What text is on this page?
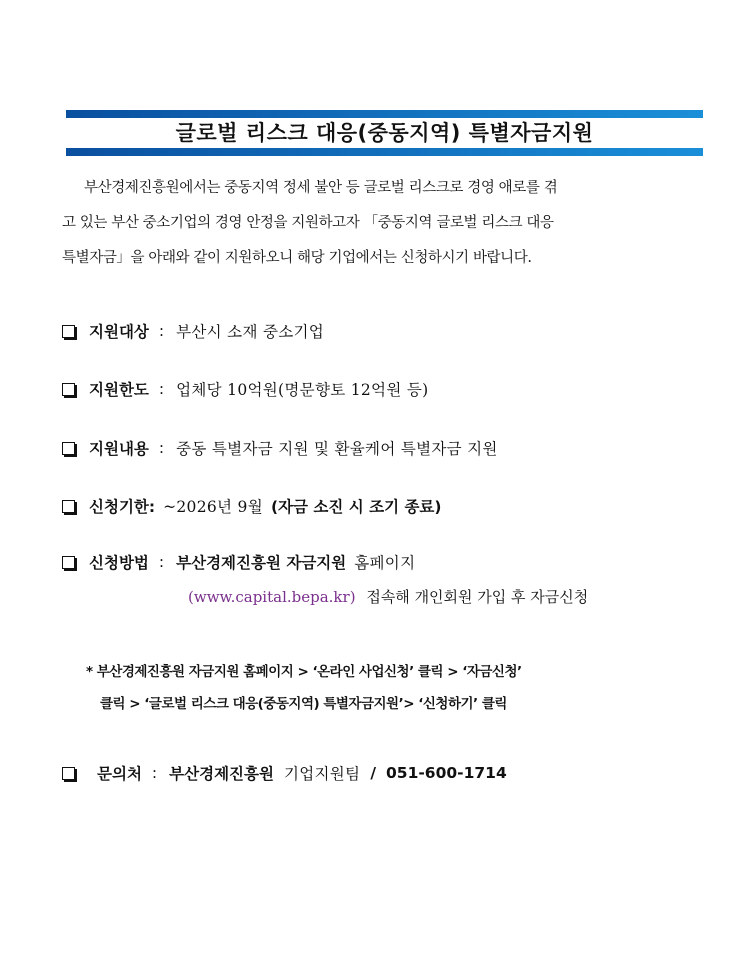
글로벌 리스크 대응(중동지역) 특별자금지원

부산경제진흥원에서는 중동지역 정세 불안 등 글로벌 리스크로 경영 애로를 겪

고 있는 부산 중소기업의 경영 안정을 지원하고자 「중동지역 글로벌 리스크 대응

특별자금」을 아래와 같이 지원하오니 해당 기업에서는 신청하시기 바랍니다.

지원대상 : 부산시 소재 중소기업
지원한도 : 업체당 10억원(명문향토 12억원 등)
지원내용 : 중동 특별자금 지원 및 환율케어 특별자금 지원
신청기한: ~2026년 9월 (자금 소진 시 조기 종료)
신청방법 : 부산경제진흥원 자금지원 홈페이지
(www.capital.bepa.kr) 접속해 개인회원 가입 후 자금신청

* 부산경제진흥원 자금지원 홈페이지 > ‘온라인 사업신청’ 클릭 > ‘자금신청’

클릭 > ‘글로벌 리스크 대응(중동지역) 특별자금지원’> ‘신청하기’ 클릭

문의처 : 부산경제진흥원 기업지원팀 / 051-600-1714
